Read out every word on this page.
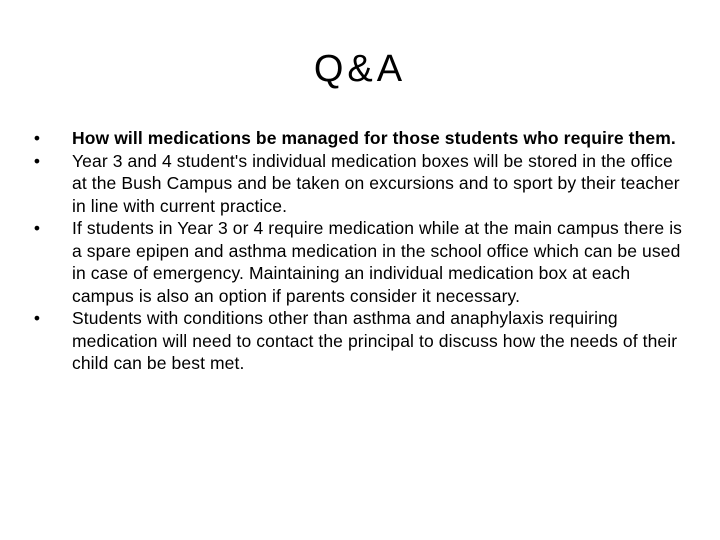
Q&A
• How will medications be managed for those students who require them.
• Year 3 and 4 student's individual medication boxes will be stored in the office at the Bush Campus and be taken on excursions and to sport by their teacher in line with current practice.
• If students in Year 3 or 4 require medication while at the main campus there is a spare epipen and asthma medication in the school office which can be used in case of emergency. Maintaining an individual medication box at each campus is also an option if parents consider it necessary.
• Students with conditions other than asthma and anaphylaxis requiring medication will need to contact the principal to discuss how the needs of their child can be best met.
